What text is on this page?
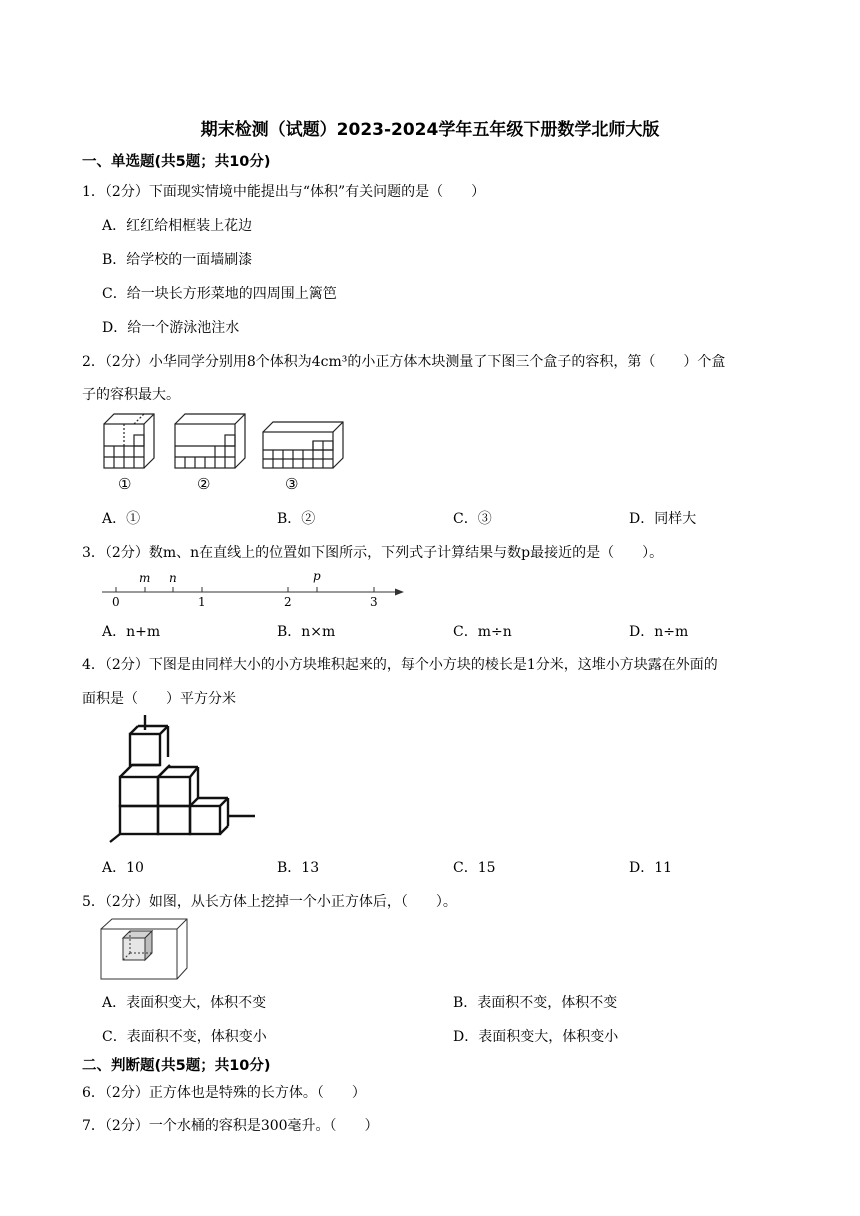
期末检测（试题）2023-2024学年五年级下册数学北师大版
一、单选题(共5题；共10分)
1．（2分）下面现实情境中能提出与“体积”有关问题的是（　　）
A．红红给相框装上花边
B．给学校的一面墙刷漆
C．给一块长方形菜地的四周围上篱笆
D．给一个游泳池注水
2．（2分）小华同学分别用8个体积为4cm³的小正方体木块测量了下图三个盒子的容积，第（　　）个盒
子的容积最大。
①	②	③
A．①	B．②	C．③	D．同样大
3．（2分）数m、n在直线上的位置如下图所示，下列式子计算结果与数p最接近的是（　　）。
0	1	2	3
m n	p
A．n+m	B．n×m	C．m÷n	D．n÷m
4．（2分）下图是由同样大小的小方块堆积起来的，每个小方块的棱长是1分米，这堆小方块露在外面的
面积是（　　）平方分米
A．10	B．13	C．15	D．11
5．（2分）如图，从长方体上挖掉一个小正方体后，（　　）。
A．表面积变大，体积不变	B．表面积不变，体积不变
C．表面积不变，体积变小	D．表面积变大，体积变小
二、判断题(共5题；共10分)
6．（2分）正方体也是特殊的长方体。（　　）
7．（2分）一个水桶的容积是300毫升。（　　）
